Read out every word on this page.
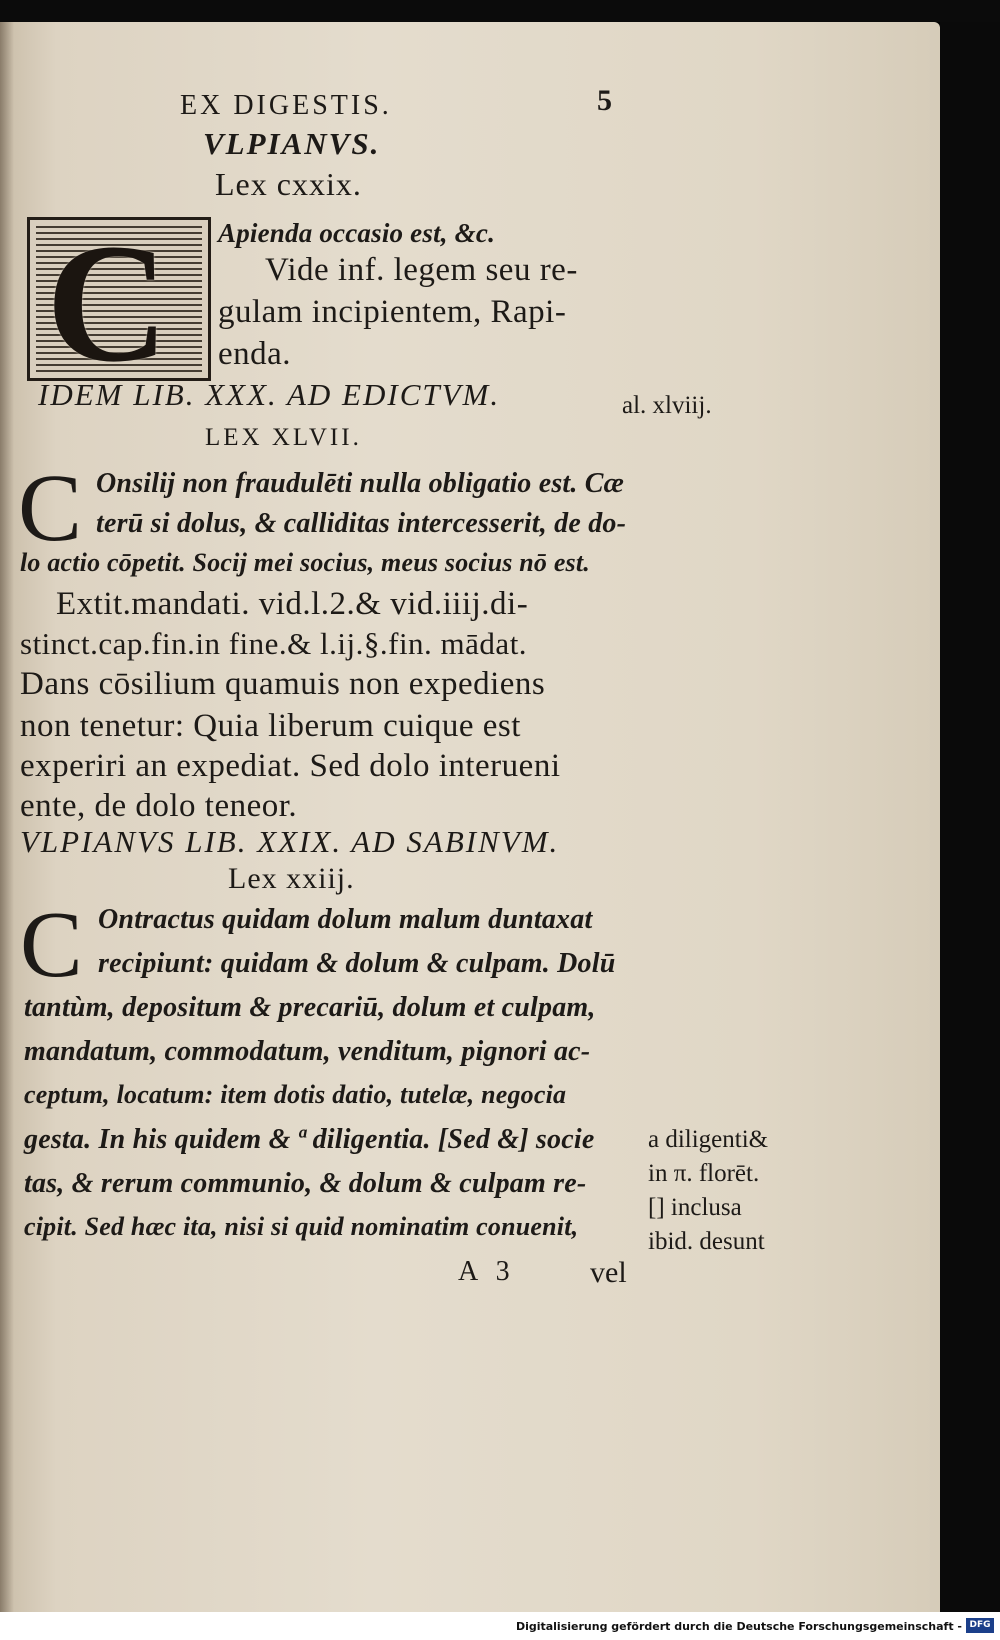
EX DIGESTIS.	5
VLPIANVS.
Lex cxxix.
C Apienda occasio est, &c.
Vide inf. legem seu re-
gulam incipientem, Rapi-
enda.
IDEM LIB. XXX. AD EDICTVM.	al. xlviij.
LEX XLVII.
C Onsilij non fraudulēti nulla obligatio est. Cæ
terū si dolus, & calliditas intercesserit, de do-
lo actio cōpetit. Socij mei socius, meus socius nō est.
Extit.mandati. vid.l.2.& vid.iiij.di-
stinct.cap.fin.in fine.& l.ij.§.fin. mādat.
Dans cōsilium quamuis non expediens
non tenetur: Quia liberum cuique est
experiri an expediat. Sed dolo interueni
ente, de dolo teneor.
VLPIANVS LIB. XXIX. AD SABINVM.
Lex xxiij.
C Ontractus quidam dolum malum duntaxat
recipiunt: quidam & dolum & culpam. Dolū
tantùm, depositum & precariū, dolum et culpam,
mandatum, commodatum, venditum, pignori ac-
ceptum, locatum: item dotis datio, tutelæ, negocia
gesta. In his quidem & ª diligentia. [Sed &] socie
tas, & rerum communio, & dolum & culpam re-
cipit. Sed hæc ita, nisi si quid nominatim conuenit,
a diligenti&
in π. florēt.
[] inclusa
ibid. desunt
A 3 vel
Digitalisierung gefördert durch die Deutsche Forschungsgemeinschaft - DFG
